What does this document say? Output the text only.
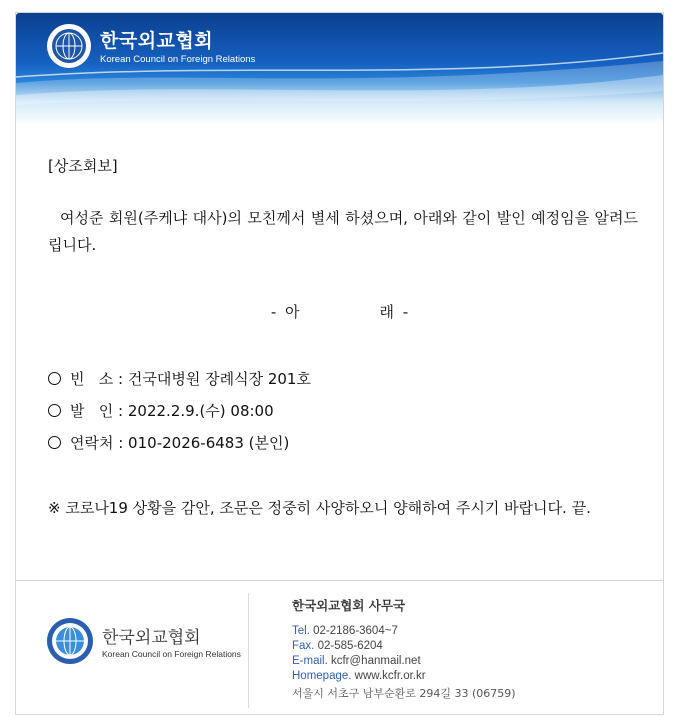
한국외교협회
Korean Council on Foreign Relations
[상조회보]
여성준 회원(주케냐 대사)의 모친께서 별세 하셨으며, 아래와 같이 발인 예정임을 알려드립니다.
- 아	래 -
빈   소 : 건국대병원 장례식장 201호
발   인 : 2022.2.9.(수) 08:00
연락처 : 010-2026-6483 (본인)
※ 코로나19 상황을 감안, 조문은 정중히 사양하오니 양해하여 주시기 바랍니다. 끝.
한국외교협회
Korean Council on Foreign Relations
한국외교협회 사무국
Tel. 02-2186-3604~7
Fax. 02-585-6204
E-mail. kcfr@hanmail.net
Homepage. www.kcfr.or.kr
서울시 서초구 남부순환로 294길 33 (06759)
